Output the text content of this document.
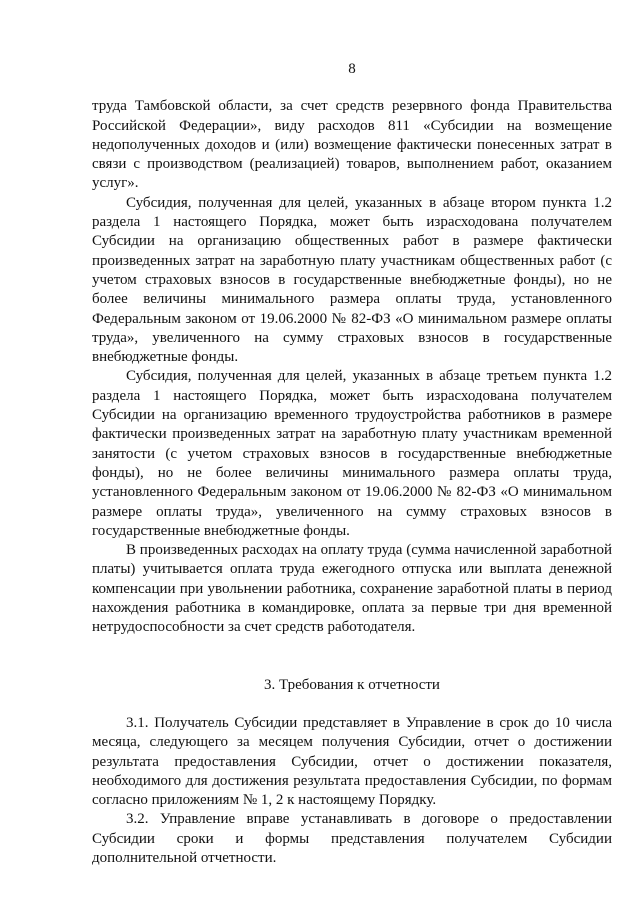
8

труда Тамбовской области, за счет средств резервного фонда Правительства Российской Федерации», виду расходов 811 «Субсидии на возмещение недополученных доходов и (или) возмещение фактически понесенных затрат в связи с производством (реализацией) товаров, выполнением работ, оказанием услуг».

Субсидия, полученная для целей, указанных в абзаце втором пункта 1.2 раздела 1 настоящего Порядка, может быть израсходована получателем Субсидии на организацию общественных работ в размере фактически произведенных затрат на заработную плату участникам общественных работ (с учетом страховых взносов в государственные внебюджетные фонды), но не более величины минимального размера оплаты труда, установленного Федеральным законом от 19.06.2000 № 82-ФЗ «О минимальном размере оплаты труда», увеличенного на сумму страховых взносов в государственные внебюджетные фонды.

Субсидия, полученная для целей, указанных в абзаце третьем пункта 1.2 раздела 1 настоящего Порядка, может быть израсходована получателем Субсидии на организацию временного трудоустройства работников в размере фактически произведенных затрат на заработную плату участникам временной занятости (с учетом страховых взносов в государственные внебюджетные фонды), но не более величины минимального размера оплаты труда, установленного Федеральным законом от 19.06.2000 № 82-ФЗ «О минимальном размере оплаты труда», увеличенного на сумму страховых взносов в государственные внебюджетные фонды.

В произведенных расходах на оплату труда (сумма начисленной заработной платы) учитывается оплата труда ежегодного отпуска или выплата денежной компенсации при увольнении работника, сохранение заработной платы в период нахождения работника в командировке, оплата за первые три дня временной нетрудоспособности за счет средств работодателя.

3. Требования к отчетности

3.1. Получатель Субсидии представляет в Управление в срок до 10 числа месяца, следующего за месяцем получения Субсидии, отчет о достижении результата предоставления Субсидии, отчет о достижении показателя, необходимого для достижения результата предоставления Субсидии, по формам согласно приложениям № 1, 2 к настоящему Порядку.

3.2. Управление вправе устанавливать в договоре о предоставлении Субсидии сроки и формы представления получателем Субсидии дополнительной отчетности.
